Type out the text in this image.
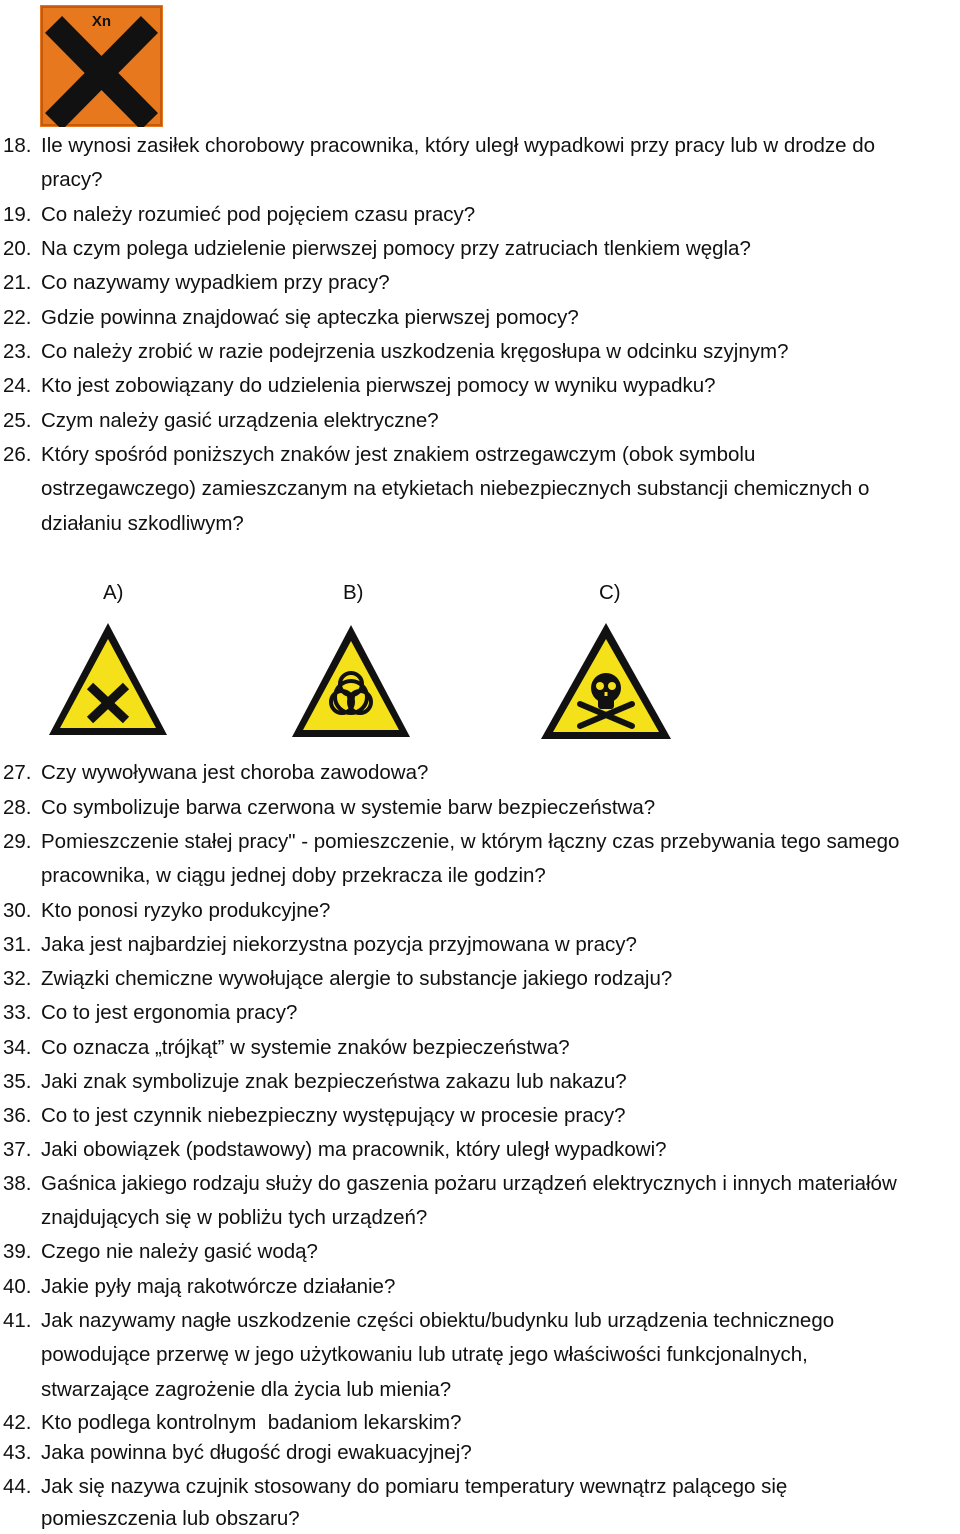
Xn
18. Ile wynosi zasiłek chorobowy pracownika, który uległ wypadkowi przy pracy lub w drodze do
pracy?
19. Co należy rozumieć pod pojęciem czasu pracy?
20. Na czym polega udzielenie pierwszej pomocy przy zatruciach tlenkiem węgla?
21. Co nazywamy wypadkiem przy pracy?
22. Gdzie powinna znajdować się apteczka pierwszej pomocy?
23. Co należy zrobić w razie podejrzenia uszkodzenia kręgosłupa w odcinku szyjnym?
24. Kto jest zobowiązany do udzielenia pierwszej pomocy w wyniku wypadku?
25. Czym należy gasić urządzenia elektryczne?
26. Który spośród poniższych znaków jest znakiem ostrzegawczym (obok symbolu
ostrzegawczego) zamieszczanym na etykietach niebezpiecznych substancji chemicznych o
działaniu szkodliwym?
A)	B)	C)
27. Czy wywoływana jest choroba zawodowa?
28. Co symbolizuje barwa czerwona w systemie barw bezpieczeństwa?
29. Pomieszczenie stałej pracy" - pomieszczenie, w którym łączny czas przebywania tego samego
pracownika, w ciągu jednej doby przekracza ile godzin?
30. Kto ponosi ryzyko produkcyjne?
31. Jaka jest najbardziej niekorzystna pozycja przyjmowana w pracy?
32. Związki chemiczne wywołujące alergie to substancje jakiego rodzaju?
33. Co to jest ergonomia pracy?
34. Co oznacza „trójkąt” w systemie znaków bezpieczeństwa?
35. Jaki znak symbolizuje znak bezpieczeństwa zakazu lub nakazu?
36. Co to jest czynnik niebezpieczny występujący w procesie pracy?
37. Jaki obowiązek (podstawowy) ma pracownik, który uległ wypadkowi?
38. Gaśnica jakiego rodzaju służy do gaszenia pożaru urządzeń elektrycznych i innych materiałów
znajdujących się w pobliżu tych urządzeń?
39. Czego nie należy gasić wodą?
40. Jakie pyły mają rakotwórcze działanie?
41. Jak nazywamy nagłe uszkodzenie części obiektu/budynku lub urządzenia technicznego
powodujące przerwę w jego użytkowaniu lub utratę jego właściwości funkcjonalnych,
stwarzające zagrożenie dla życia lub mienia?
42. Kto podlega kontrolnym  badaniom lekarskim?
43. Jaka powinna być długość drogi ewakuacyjnej?
44. Jak się nazywa czujnik stosowany do pomiaru temperatury wewnątrz palącego się
pomieszczenia lub obszaru?
